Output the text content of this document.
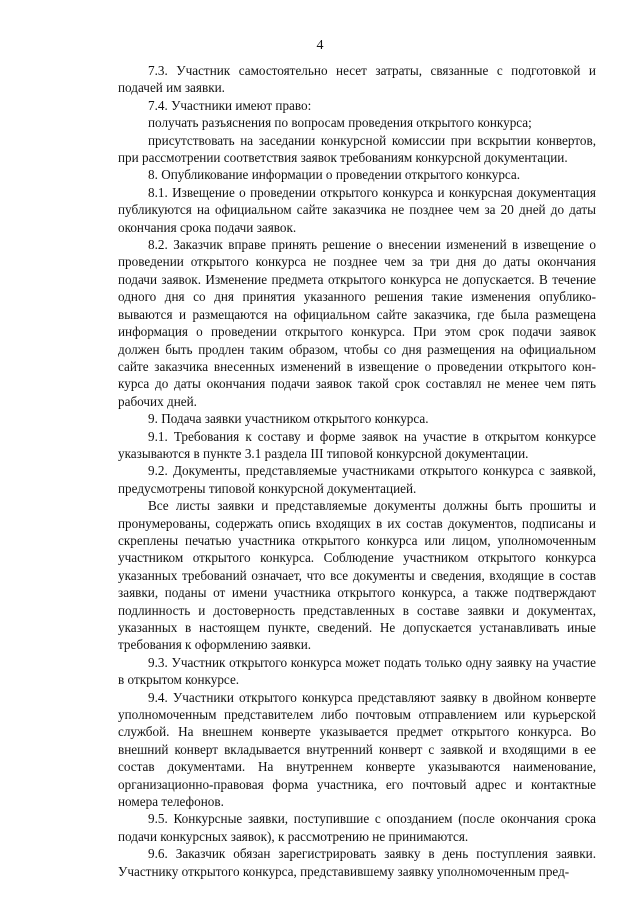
4

7.3. Участник самостоятельно несет затраты, связанные с подготовкой и подачей им заявки.

7.4. Участники имеют право:

получать разъяснения по вопросам проведения открытого конкурса;

присутствовать на заседании конкурсной комиссии при вскрытии конвертов, при рассмотрении соответствия заявок требованиям конкурсной документации.

8. Опубликование информации о проведении открытого конкурса.

8.1. Извещение о проведении открытого конкурса и конкурсная документация публикуются на официальном сайте заказчика не позднее чем за 20 дней до даты окончания срока подачи заявок.

8.2. Заказчик вправе принять решение о внесении изменений в извещение о проведении открытого конкурса не позднее чем за три дня до даты окончания подачи заявок. Изменение предмета открытого конкурса не допускается. В течение одного дня со дня принятия указанного решения такие изменения опубликовываются и размещаются на официальном сайте заказчика, где была размещена информация о проведении открытого конкурса. При этом срок подачи заявок должен быть продлен таким образом, чтобы со дня размещения на официальном сайте заказчика внесенных изменений в извещение о проведении открытого конкурса до даты окончания подачи заявок такой срок составлял не менее чем пять рабочих дней.

9. Подача заявки участником открытого конкурса.

9.1. Требования к составу и форме заявок на участие в открытом конкурсе указываются в пункте 3.1 раздела III типовой конкурсной документации.

9.2. Документы, представляемые участниками открытого конкурса с заявкой, предусмотрены типовой конкурсной документацией.

Все листы заявки и представляемые документы должны быть прошиты и пронумерованы, содержать опись входящих в их состав документов, подписаны и скреплены печатью участника открытого конкурса или лицом, уполномоченным участником открытого конкурса. Соблюдение участником открытого конкурса указанных требований означает, что все документы и сведения, входящие в состав заявки, поданы от имени участника открытого конкурса, а также подтверждают подлинность и достоверность представленных в составе заявки и документах, указанных в настоящем пункте, сведений. Не допускается устанавливать иные требования к оформлению заявки.

9.3. Участник открытого конкурса может подать только одну заявку на участие в открытом конкурсе.

9.4. Участники открытого конкурса представляют заявку в двойном конверте уполномоченным представителем либо почтовым отправлением или курьерской службой. На внешнем конверте указывается предмет открытого конкурса. Во внешний конверт вкладывается внутренний конверт с заявкой и входящими в ее состав документами. На внутреннем конверте указываются наименование, организационно-правовая форма участника, его почтовый адрес и контактные номера телефонов.

9.5. Конкурсные заявки, поступившие с опозданием (после окончания срока подачи конкурсных заявок), к рассмотрению не принимаются.

9.6. Заказчик обязан зарегистрировать заявку в день поступления заявки. Участнику открытого конкурса, представившему заявку уполномоченным пред-
